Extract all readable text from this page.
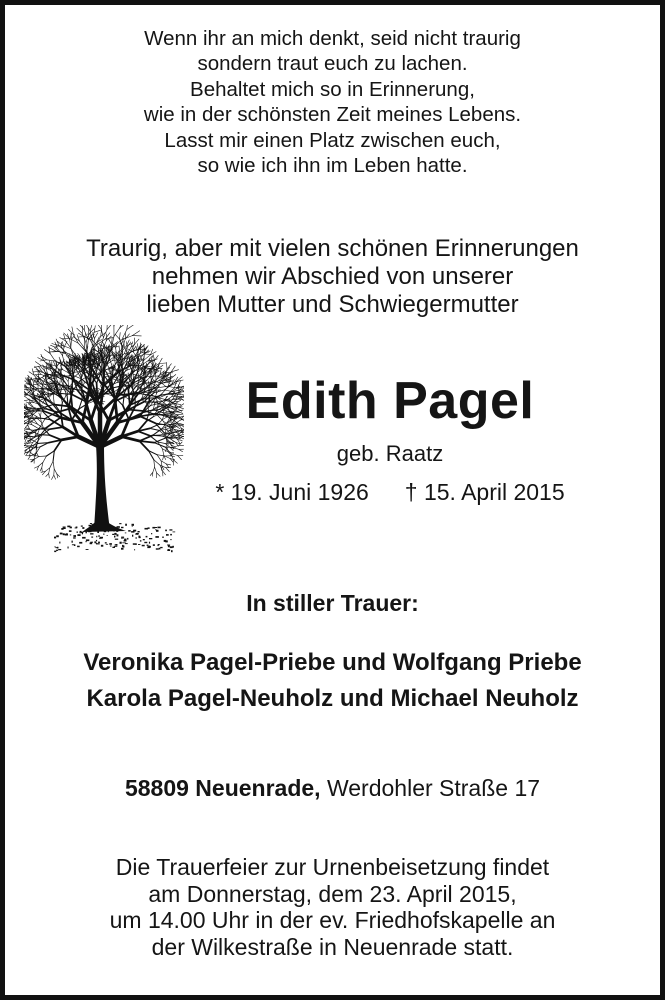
Wenn ihr an mich denkt, seid nicht traurig
sondern traut euch zu lachen.
Behaltet mich so in Erinnerung,
wie in der schönsten Zeit meines Lebens.
Lasst mir einen Platz zwischen euch,
so wie ich ihn im Leben hatte.
Traurig, aber mit vielen schönen Erinnerungen
nehmen wir Abschied von unserer
lieben Mutter und Schwiegermutter
Edith Pagel
geb. Raatz
* 19. Juni 1926 † 15. April 2015
In stiller Trauer:
Veronika Pagel-Priebe und Wolfgang Priebe
Karola Pagel-Neuholz und Michael Neuholz
58809 Neuenrade, Werdohler Straße 17
Die Trauerfeier zur Urnenbeisetzung findet
am Donnerstag, dem 23. April 2015,
um 14.00 Uhr in der ev. Friedhofskapelle an
der Wilkestraße in Neuenrade statt.
